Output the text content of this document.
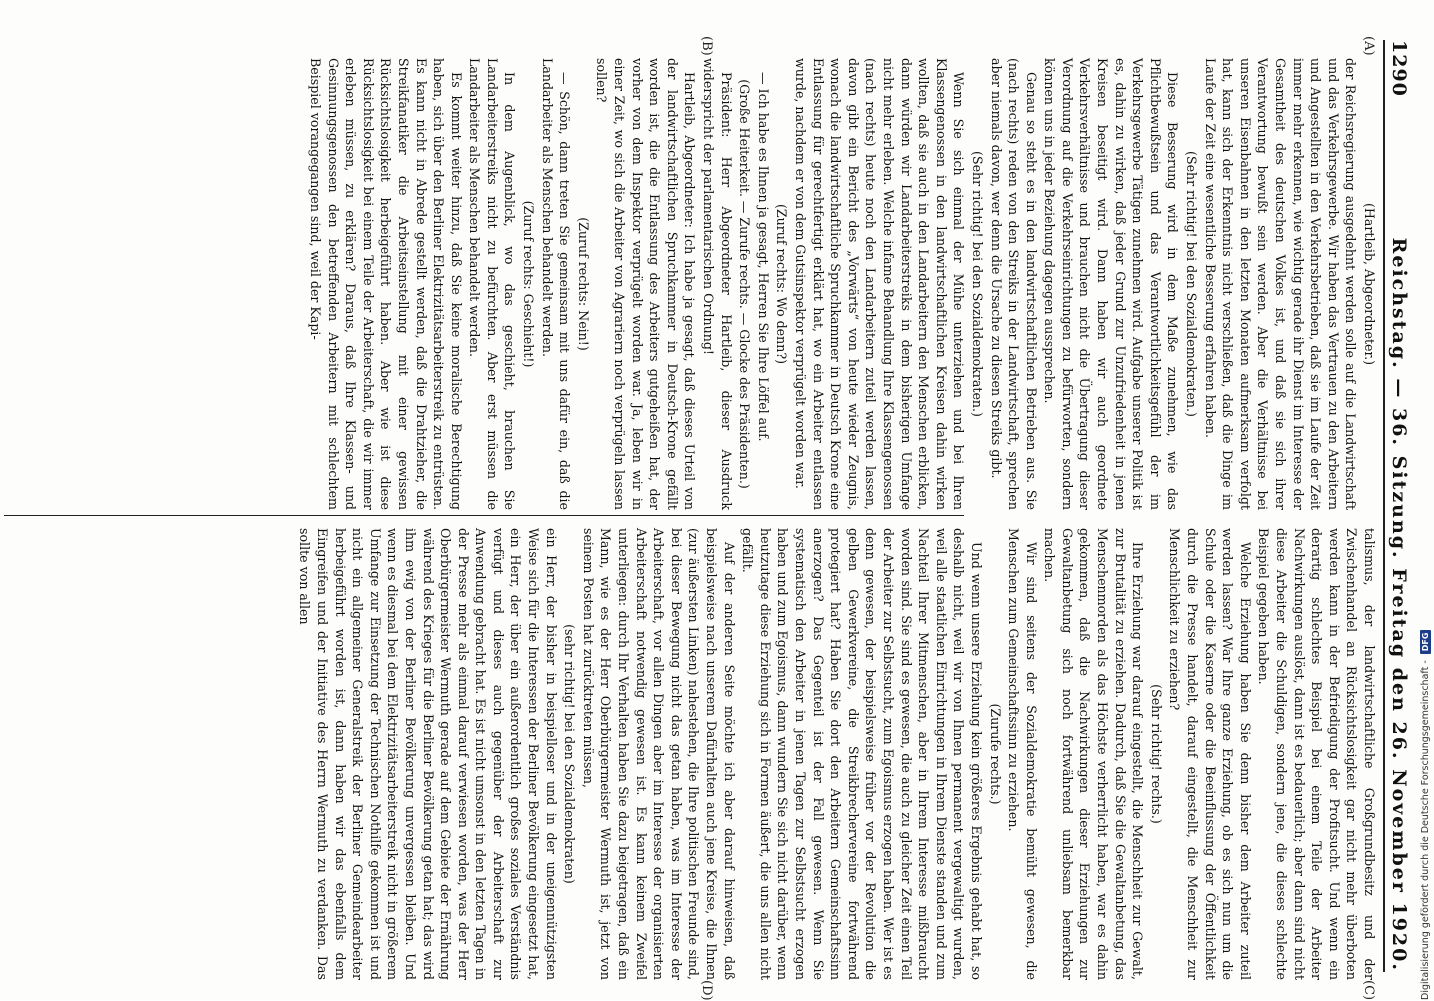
1290
Reichstag. — 36. Sitzung. Freitag den 26. November 1920.
(A)
(B)
(C)
(D)

(Hartleib, Abgeordneter.)

der Reichsregierung ausgedehnt werden solle auf die Landwirtschaft und das Verkehrsgewerbe. Wir haben das Vertrauen zu den Arbeitern und Angestellten in den Verkehrsbetrieben, daß sie im Laufe der Zeit immer mehr erkennen, wie wichtig gerade ihr Dienst im Interesse der Gesamtheit des deutschen Volkes ist, und daß sie sich ihrer Verantwortung bewußt sein werden. Aber die Verhältnisse bei unseren Eisenbahnen in den letzten Monaten aufmerksam verfolgt hat, kann sich der Erkenntnis nicht verschließen, daß die Dinge im Laufe der Zeit eine wesentliche Besserung erfahren haben.

(Sehr richtig! bei den Sozialdemokraten.)

Diese Besserung wird in dem Maße zunehmen, wie das Pflichtbewußtsein und das Verantwortlichkeitsgefühl der im Verkehrsgewerbe Tätigen zunehmen wird. Aufgabe unserer Politik ist es, dahin zu wirken, daß jeder Grund zur Unzufriedenheit in jenen Kreisen beseitigt wird. Dann haben wir auch geordnete Verkehrsverhältnisse und brauchen nicht die Übertragung dieser Verordnung auf die Verkehrseinrichtungen zu befürworten, sondern können uns in jeder Beziehung dagegen aussprechen.

Genau so steht es in den landwirtschaftlichen Betrieben aus. Sie (nach rechts) reden von den Streiks in der Landwirtschaft, sprechen aber niemals davon, wer denn die Ursache zu diesen Streiks gibt.

(Sehr richtig! bei den Sozialdemokraten.)

Wenn Sie sich einmal der Mühe unterziehen und bei Ihren Klassengenossen in den landwirtschaftlichen Kreisen dahin wirken wollten, daß sie auch in den Landarbeitern den Menschen erblicken, dann würden wir Landarbeiterstreiks in dem bisherigen Umfange nicht mehr erleben. Welche infame Behandlung Ihre Klassengenossen (nach rechts) heute noch den Landarbeitern zuteil werden lassen, davon gibt ein Bericht des „Vorwärts“ von heute wieder Zeugnis, wonach die landwirtschaftliche Spruchkammer in Deutsch Krone eine Entlassung für gerechtfertigt erklärt hat, wo ein Arbeiter entlassen wurde, nachdem er von dem Gutsinspektor verprügelt worden war.

(Zuruf rechts: Wo denn?)

— Ich habe es Ihnen ja gesagt, Herren Sie Ihre Löffel auf.

(Große Heiterkeit. — Zurufe rechts. — Glocke des Präsidenten.)

Präsident: Herr Abgeordneter Hartleib, dieser Ausdruck widerspricht der parlamentarischen Ordnung!

Hartleib, Abgeordneter: Ich habe ja gesagt, daß dieses Urteil von der landwirtschaftlichen Spruchkammer in Deutsch-Krone gefällt worden ist, die die Entlassung des Arbeiters gutgeheißen hat, der vorher von dem Inspektor verprügelt worden war. Ja, leben wir in einer Zeit, wo sich die Arbeiter von Agrariern noch verprügeln lassen sollen?

(Zuruf rechts: Nein!)

— Schön, dann treten Sie gemeinsam mit uns dafür ein, daß die Landarbeiter als Menschen behandelt werden.

(Zuruf rechts: Geschieht!)

In dem Augenblick, wo das geschieht, brauchen Sie Landarbeiterstreiks nicht zu befürchten. Aber erst müssen die Landarbeiter als Menschen behandelt werden.

Es kommt weiter hinzu, daß Sie keine moralische Berechtigung haben, sich über den Berliner Elektrizitätsarbeiterstreik zu entrüsten. Es kann nicht in Abrede gestellt werden, daß die Drahtzieher, die Streikfanatiker die Arbeitseinstellung mit einer gewissen Rücksichtslosigkeit herbeigeführt haben. Aber wie ist diese Rücksichtslosigkeit bei einem Teile der Arbeiterschaft, die wir immer erleben müssen, zu erklären? Daraus, daß Ihre Klassen- und Gesinnungsgenossen den betreffenden Arbeitern mit schlechtem Beispiel vorangegangen sind, weil der Kapi-

talismus, der landwirtschaftliche Großgrundbesitz und der Zwischenhandel an Rücksichtslosigkeit gar nicht mehr überboten werden kann in der Befriedigung der Profitsucht. Und wenn ein derartig schlechtes Beispiel bei einem Teile der Arbeiter Nachwirkungen auslöst, dann ist es bedauerlich; aber dann sind nicht diese Arbeiter die Schuldigen, sondern jene, die dieses schlechte Beispiel gegeben haben.

Welche Erziehung haben Sie denn bisher dem Arbeiter zuteil werden lassen? War Ihre ganze Erziehung, ob es sich nun um die Schule oder die Kaserne oder die Beeinflussung der Öffentlichkeit durch die Presse handelt, darauf eingestellt, die Menschheit zur Menschlichkeit zu erziehen?

(Sehr richtig! rechts.)

Ihre Erziehung war darauf eingestellt, die Menschheit zur Gewalt, zur Brutalität zu erziehen. Dadurch, daß Sie die Gewaltanbetung, das Menschenmorden als das Höchste verherrlicht haben, war es dahin gekommen, daß die Nachwirkungen dieser Erziehungen zur Gewaltanbetung sich noch fortwährend unliebsam bemerkbar machen.

Wir sind seitens der Sozialdemokratie bemüht gewesen, die Menschen zum Gemeinschaftssinn zu erziehen.

(Zurufe rechts.)

Und wenn unsere Erziehung kein größeres Ergebnis gehabt hat, so deshalb nicht, weil wir von Ihnen permanent vergewaltigt wurden, weil alle staatlichen Einrichtungen in Ihrem Dienste standen und zum Nachteil Ihrer Mitmenschen, aber in Ihrem Interesse mißbraucht worden sind. Sie sind es gewesen, die auch zu gleicher Zeit einen Teil der Arbeiter zur Selbstsucht, zum Egoismus erzogen haben. Wer ist es denn gewesen, der beispielsweise früher vor der Revolution die gelben Gewerkvereine, die Streikbrechervereine fortwährend protegiert hat? Haben Sie dort den Arbeitern Gemeinschaftssinn anerzogen? Das Gegenteil ist der Fall gewesen. Wenn Sie systematisch den Arbeiter in jenen Tagen zur Selbstsucht erzogen haben und zum Egoismus, dann wundern Sie sich nicht darüber, wenn heutzutage diese Erziehung sich in Formen äußert, die uns allen nicht gefällt.

Auf der anderen Seite möchte ich aber darauf hinweisen, daß beispielsweise nach unserem Dafürhalten auch jene Kreise, die Ihnen (zur äußersten Linken) nahestehen, die Ihre politischen Freunde sind, bei dieser Bewegung nicht das getan haben, was im Interesse der Arbeiterschaft, vor allen Dingen aber im Interesse der organisierten Arbeiterschaft notwendig gewesen ist. Es kann keinem Zweifel unterliegen: durch Ihr Verhalten haben Sie dazu beigetragen, daß ein Mann, wie es der Herr Oberbürgermeister Wermuth ist, jetzt von seinem Posten hat zurücktreten müssen,

(sehr richtig! bei den Sozialdemokraten)

ein Herr, der bisher in beispielloser und in der uneigennützigsten Weise sich für die Interessen der Berliner Bevölkerung eingesetzt hat, ein Herr, der über ein außerordentlich großes soziales Verständnis verfügt und dieses auch gegenüber der Arbeiterschaft zur Anwendung gebracht hat. Es ist nicht umsonst in den letzten Tagen in der Presse mehr als einmal darauf verwiesen worden, was der Herr Oberbürgermeister Wermuth gerade auf dem Gebiete der Ernährung während des Krieges für die Berliner Bevölkerung getan hat; das wird ihm ewig von der Berliner Bevölkerung unvergessen bleiben. Und wenn es diesmal bei dem Elektrizitätsarbeiterstreik nicht in größerem Umfange zur Einsetzung der Technischen Nothilfe gekommen ist und nicht ein allgemeiner Generalstreik der Berliner Gemeindearbeiter herbeigeführt worden ist, dann haben wir das ebenfalls dem Eingreifen und der Initiative des Herrn Wermuth zu verdanken. Das sollte von allen

Digitalisierung gefördert durch die Deutsche Forschungsgemeinschaft -
DFG
